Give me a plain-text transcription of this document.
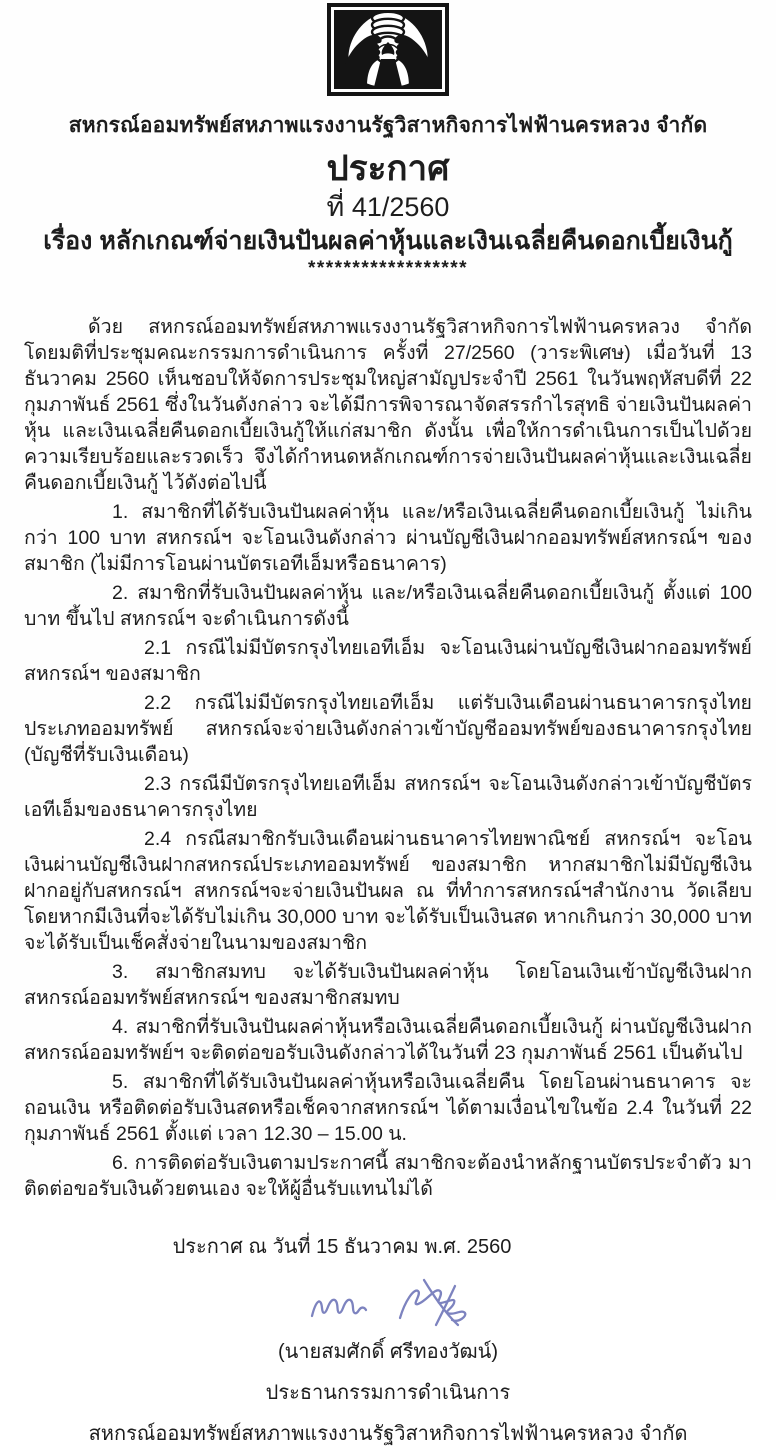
สหกรณ์ออมทรัพย์สหภาพแรงงานรัฐวิสาหกิจการไฟฟ้านครหลวง จำกัด
ประกาศ
ที่ 41/2560
เรื่อง หลักเกณฑ์จ่ายเงินปันผลค่าหุ้นและเงินเฉลี่ยคืนดอกเบี้ยเงินกู้
******************

ด้วย สหกรณ์ออมทรัพย์สหภาพแรงงานรัฐวิสาหกิจการไฟฟ้านครหลวง จำกัด โดยมติที่ประชุมคณะกรรมการดำเนินการ ครั้งที่ 27/2560 (วาระพิเศษ) เมื่อวันที่ 13 ธันวาคม 2560 เห็นชอบให้จัดการประชุมใหญ่สามัญประจำปี 2561 ในวันพฤหัสบดีที่ 22 กุมภาพันธ์ 2561 ซึ่งในวันดังกล่าว จะได้มีการพิจารณาจัดสรรกำไรสุทธิ จ่ายเงินปันผลค่าหุ้น และเงินเฉลี่ยคืนดอกเบี้ยเงินกู้ให้แก่สมาชิก ดังนั้น เพื่อให้การดำเนินการเป็นไปด้วยความเรียบร้อยและรวดเร็ว จึงได้กำหนดหลักเกณฑ์การจ่ายเงินปันผลค่าหุ้นและเงินเฉลี่ยคืนดอกเบี้ยเงินกู้ ไว้ดังต่อไปนี้

1. สมาชิกที่ได้รับเงินปันผลค่าหุ้น และ/หรือเงินเฉลี่ยคืนดอกเบี้ยเงินกู้ ไม่เกินกว่า 100 บาท สหกรณ์ฯ จะโอนเงินดังกล่าว ผ่านบัญชีเงินฝากออมทรัพย์สหกรณ์ฯ ของสมาชิก (ไม่มีการโอนผ่านบัตรเอทีเอ็มหรือธนาคาร)

2. สมาชิกที่รับเงินปันผลค่าหุ้น และ/หรือเงินเฉลี่ยคืนดอกเบี้ยเงินกู้ ตั้งแต่ 100 บาท ขึ้นไป สหกรณ์ฯ จะดำเนินการดังนี้

2.1 กรณีไม่มีบัตรกรุงไทยเอทีเอ็ม จะโอนเงินผ่านบัญชีเงินฝากออมทรัพย์สหกรณ์ฯ ของสมาชิก

2.2 กรณีไม่มีบัตรกรุงไทยเอทีเอ็ม แต่รับเงินเดือนผ่านธนาคารกรุงไทยประเภทออมทรัพย์ สหกรณ์จะจ่ายเงินดังกล่าวเข้าบัญชีออมทรัพย์ของธนาคารกรุงไทย (บัญชีที่รับเงินเดือน)

2.3 กรณีมีบัตรกรุงไทยเอทีเอ็ม สหกรณ์ฯ จะโอนเงินดังกล่าวเข้าบัญชีบัตรเอทีเอ็มของธนาคารกรุงไทย

2.4 กรณีสมาชิกรับเงินเดือนผ่านธนาคารไทยพาณิชย์ สหกรณ์ฯ จะโอนเงินผ่านบัญชีเงินฝากสหกรณ์ประเภทออมทรัพย์ ของสมาชิก หากสมาชิกไม่มีบัญชีเงินฝากอยู่กับสหกรณ์ฯ สหกรณ์ฯจะจ่ายเงินปันผล ณ ที่ทำการสหกรณ์ฯสำนักงาน วัดเลียบ โดยหากมีเงินที่จะได้รับไม่เกิน 30,000 บาท จะได้รับเป็นเงินสด หากเกินกว่า 30,000 บาท จะได้รับเป็นเช็คสั่งจ่ายในนามของสมาชิก

3. สมาชิกสมทบ จะได้รับเงินปันผลค่าหุ้น โดยโอนเงินเข้าบัญชีเงินฝากสหกรณ์ออมทรัพย์สหกรณ์ฯ ของสมาชิกสมทบ

4. สมาชิกที่รับเงินปันผลค่าหุ้นหรือเงินเฉลี่ยคืนดอกเบี้ยเงินกู้ ผ่านบัญชีเงินฝากสหกรณ์ออมทรัพย์ฯ จะติดต่อขอรับเงินดังกล่าวได้ในวันที่ 23 กุมภาพันธ์ 2561 เป็นต้นไป

5. สมาชิกที่ได้รับเงินปันผลค่าหุ้นหรือเงินเฉลี่ยคืน โดยโอนผ่านธนาคาร จะถอนเงิน หรือติดต่อรับเงินสดหรือเช็คจากสหกรณ์ฯ ได้ตามเงื่อนไขในข้อ 2.4 ในวันที่ 22 กุมภาพันธ์ 2561 ตั้งแต่ เวลา 12.30 – 15.00 น.

6. การติดต่อรับเงินตามประกาศนี้ สมาชิกจะต้องนำหลักฐานบัตรประจำตัว มาติดต่อขอรับเงินด้วยตนเอง จะให้ผู้อื่นรับแทนไม่ได้

ประกาศ ณ วันที่ 15 ธันวาคม พ.ศ. 2560
(นายสมศักดิ์ ศรีทองวัฒน์)
ประธานกรรมการดำเนินการ
สหกรณ์ออมทรัพย์สหภาพแรงงานรัฐวิสาหกิจการไฟฟ้านครหลวง จำกัด
